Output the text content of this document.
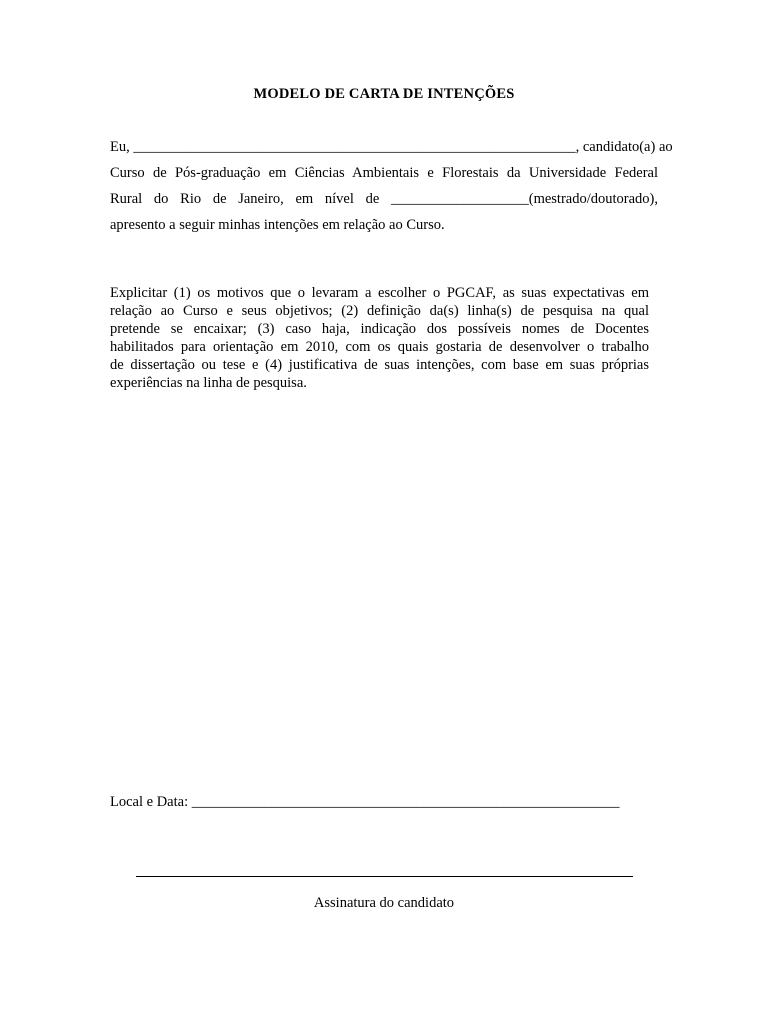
MODELO DE CARTA DE INTENÇÕES
Eu, _____________________________________________________________, candidato(a) ao
Curso de Pós-graduação em Ciências Ambientais e Florestais da Universidade Federal
Rural do Rio de Janeiro, em nível de ___________________(mestrado/doutorado),
apresento a seguir minhas intenções em relação ao Curso.
Explicitar (1) os motivos que o levaram a escolher o PGCAF, as suas expectativas em
relação ao Curso e seus objetivos; (2) definição da(s) linha(s) de pesquisa na qual
pretende se encaixar; (3) caso haja, indicação dos possíveis nomes de Docentes
habilitados para orientação em 2010, com os quais gostaria de desenvolver o trabalho
de dissertação ou tese e (4) justificativa de suas intenções, com base em suas próprias
experiências na linha de pesquisa.
Local e Data: ___________________________________________________________
Assinatura do candidato
